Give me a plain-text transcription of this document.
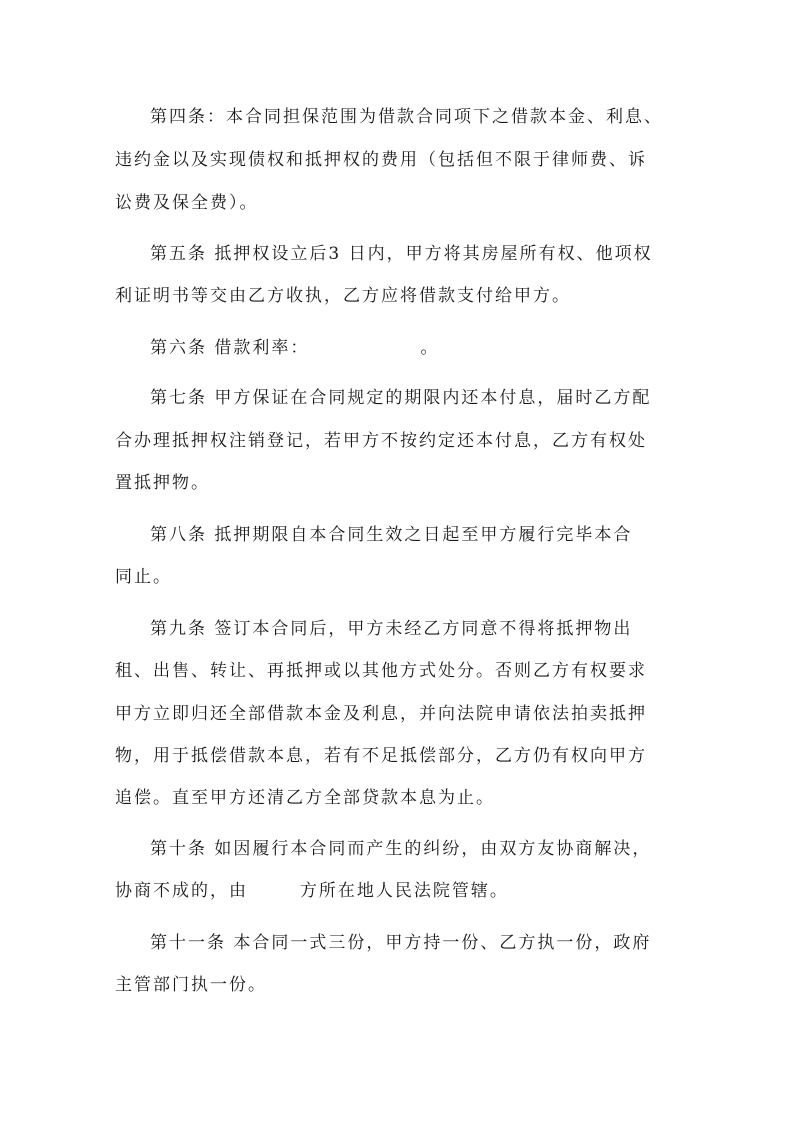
第四条：本合同担保范围为借款合同项下之借款本金、利息、
违约金以及实现债权和抵押权的费用（包括但不限于律师费、诉
讼费及保全费）。
第五条 抵押权设立后3 日内，甲方将其房屋所有权、他项权
利证明书等交由乙方收执，乙方应将借款支付给甲方。
第六条 借款利率：               。
第七条 甲方保证在合同规定的期限内还本付息，届时乙方配
合办理抵押权注销登记，若甲方不按约定还本付息，乙方有权处
置抵押物。
第八条 抵押期限自本合同生效之日起至甲方履行完毕本合
同止。
第九条 签订本合同后，甲方未经乙方同意不得将抵押物出
租、出售、转让、再抵押或以其他方式处分。否则乙方有权要求
甲方立即归还全部借款本金及利息，并向法院申请依法拍卖抵押
物，用于抵偿借款本息，若有不足抵偿部分，乙方仍有权向甲方
追偿。直至甲方还清乙方全部贷款本息为止。
第十条 如因履行本合同而产生的纠纷，由双方友协商解决，
协商不成的，由       方所在地人民法院管辖。
第十一条 本合同一式三份，甲方持一份、乙方执一份，政府
主管部门执一份。
